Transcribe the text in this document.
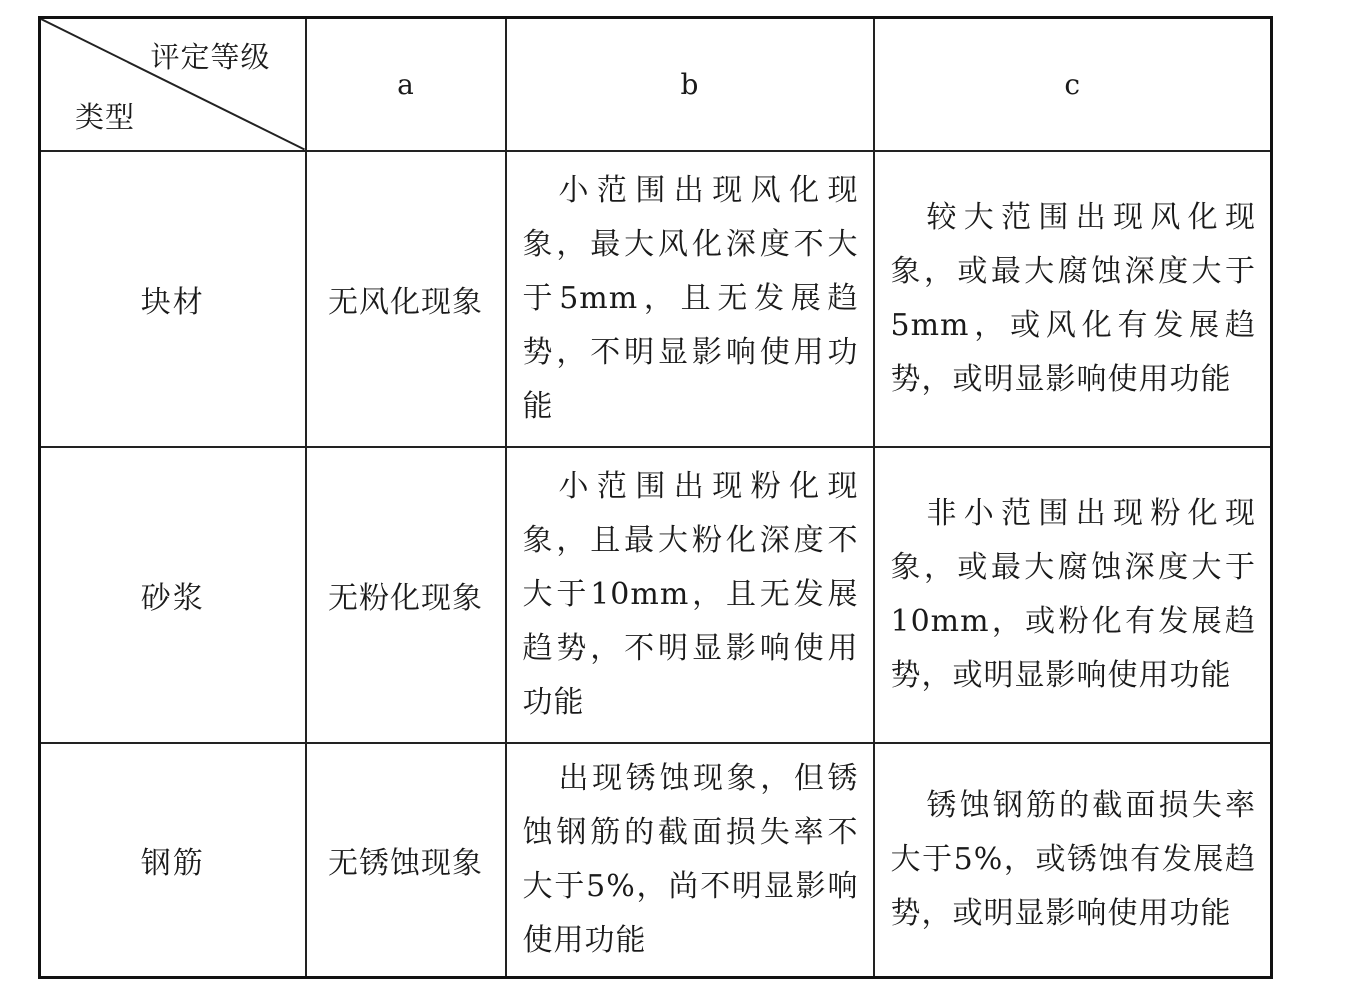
评定等级
类型	a	b	c
块材	无风化现象	小范围出现风化现象，最大风化深度不大于5mm，且无发展趋势，不明显影响使用功能	较大范围出现风化现象，或最大腐蚀深度大于5mm，或风化有发展趋势，或明显影响使用功能
砂浆	无粉化现象	小范围出现粉化现象，且最大粉化深度不大于10mm，且无发展趋势，不明显影响使用功能	非小范围出现粉化现象，或最大腐蚀深度大于10mm，或粉化有发展趋势，或明显影响使用功能
钢筋	无锈蚀现象	出现锈蚀现象，但锈蚀钢筋的截面损失率不大于5%，尚不明显影响使用功能	锈蚀钢筋的截面损失率大于5%，或锈蚀有发展趋势，或明显影响使用功能
